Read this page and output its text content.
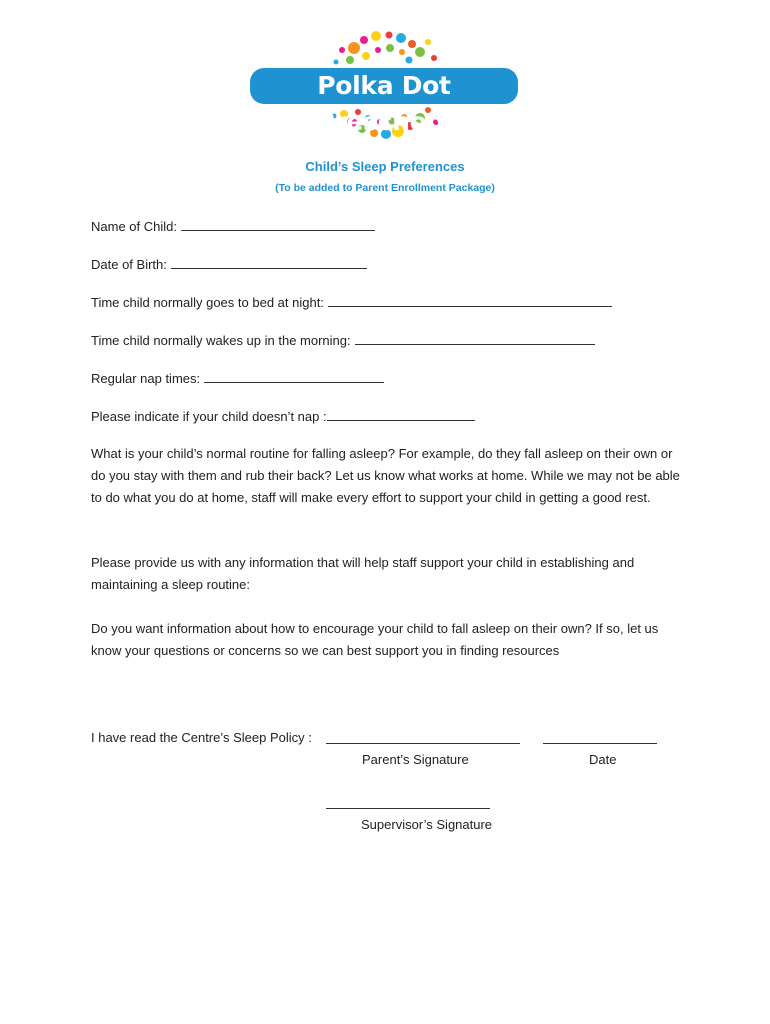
Polka Dot Preschool
Child’s Sleep Preferences
(To be added to Parent Enrollment Package)
Name of Child:
Date of Birth:
Time child normally goes to bed at night:
Time child normally wakes up in the morning:
Regular nap times:
Please indicate if your child doesn’t nap :
What is your child’s normal routine for falling asleep? For example, do they fall asleep on their own or do you stay with them and rub their back? Let us know what works at home. While we may not be able to do what you do at home, staff will make every effort to support your child in getting a good rest.
Please provide us with any information that will help staff support your child in establishing and maintaining a sleep routine:
Do you want information about how to encourage your child to fall asleep on their own? If so, let us know your questions or concerns so we can best support you in finding resources
I have read the Centre’s Sleep Policy :
Parent’s Signature	Date
Supervisor’s Signature
